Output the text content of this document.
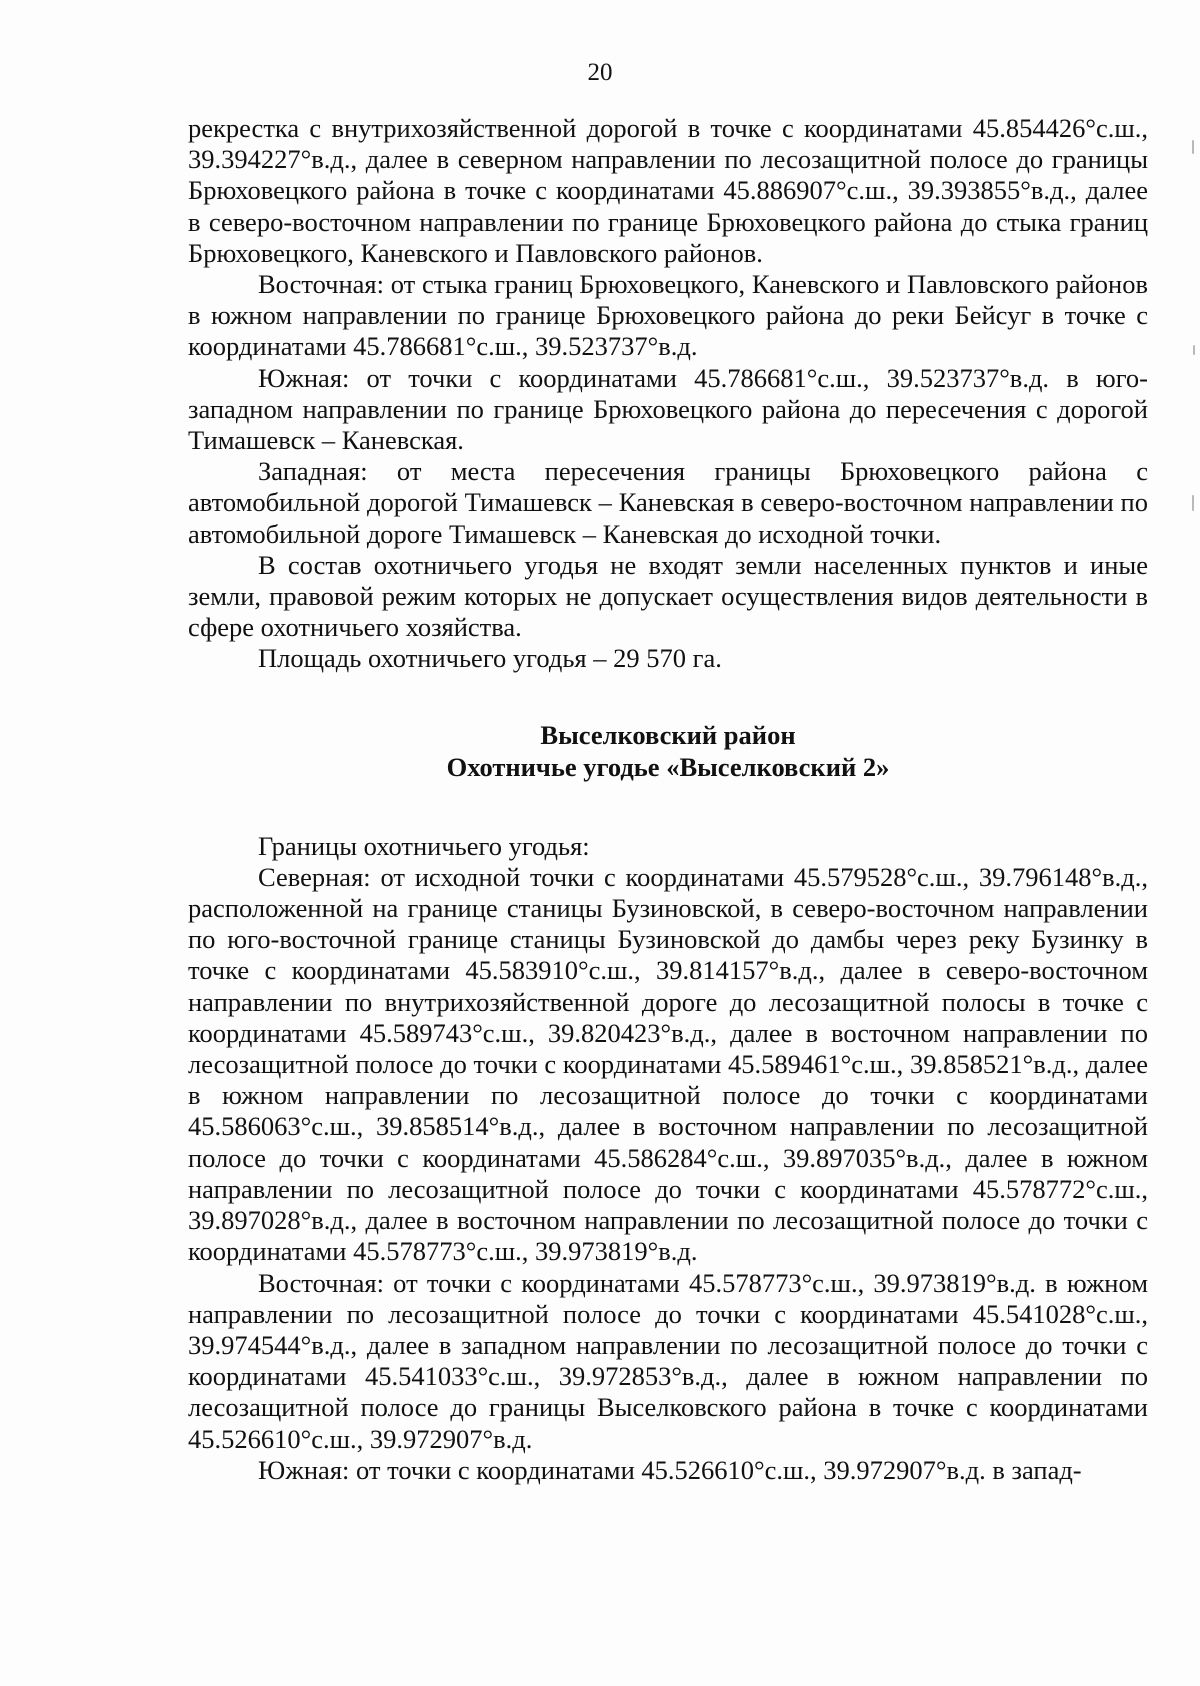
20

рекрестка с внутрихозяйственной дорогой в точке с координатами 45.854426°с.ш., 39.394227°в.д., далее в северном направлении по лесозащитной полосе до границы Брюховецкого района в точке с координатами 45.886907°с.ш., 39.393855°в.д., далее в северо-восточном направлении по границе Брюховецкого района до стыка границ Брюховецкого, Каневского и Павловского районов.

Восточная: от стыка границ Брюховецкого, Каневского и Павловского районов в южном направлении по границе Брюховецкого района до реки Бейсуг в точке с координатами 45.786681°с.ш., 39.523737°в.д.

Южная: от точки с координатами 45.786681°с.ш., 39.523737°в.д. в юго-западном направлении по границе Брюховецкого района до пересечения с дорогой Тимашевск – Каневская.

Западная: от места пересечения границы Брюховецкого района с автомобильной дорогой Тимашевск – Каневская в северо-восточном направлении по автомобильной дороге Тимашевск – Каневская до исходной точки.

В состав охотничьего угодья не входят земли населенных пунктов и иные земли, правовой режим которых не допускает осуществления видов деятельности в сфере охотничьего хозяйства.

Площадь охотничьего угодья – 29 570 га.

Выселковский район

Охотничье угодье «Выселковский 2»

Границы охотничьего угодья:

Северная: от исходной точки с координатами 45.579528°с.ш., 39.796148°в.д., расположенной на границе станицы Бузиновской, в северо-восточном направлении по юго-восточной границе станицы Бузиновской до дамбы через реку Бузинку в точке с координатами 45.583910°с.ш., 39.814157°в.д., далее в северо-восточном направлении по внутрихозяйственной дороге до лесозащитной полосы в точке с координатами 45.589743°с.ш., 39.820423°в.д., далее в восточном направлении по лесозащитной полосе до точки с координатами 45.589461°с.ш., 39.858521°в.д., далее в южном направлении по лесозащитной полосе до точки с координатами 45.586063°с.ш., 39.858514°в.д., далее в восточном направлении по лесозащитной полосе до точки с координатами 45.586284°с.ш., 39.897035°в.д., далее в южном направлении по лесозащитной полосе до точки с координатами 45.578772°с.ш., 39.897028°в.д., далее в восточном направлении по лесозащитной полосе до точки с координатами 45.578773°с.ш., 39.973819°в.д.

Восточная: от точки с координатами 45.578773°с.ш., 39.973819°в.д. в южном направлении по лесозащитной полосе до точки с координатами 45.541028°с.ш., 39.974544°в.д., далее в западном направлении по лесозащитной полосе до точки с координатами 45.541033°с.ш., 39.972853°в.д., далее в южном направлении по лесозащитной полосе до границы Выселковского района в точке с координатами 45.526610°с.ш., 39.972907°в.д.

Южная: от точки с координатами 45.526610°с.ш., 39.972907°в.д. в запад-
